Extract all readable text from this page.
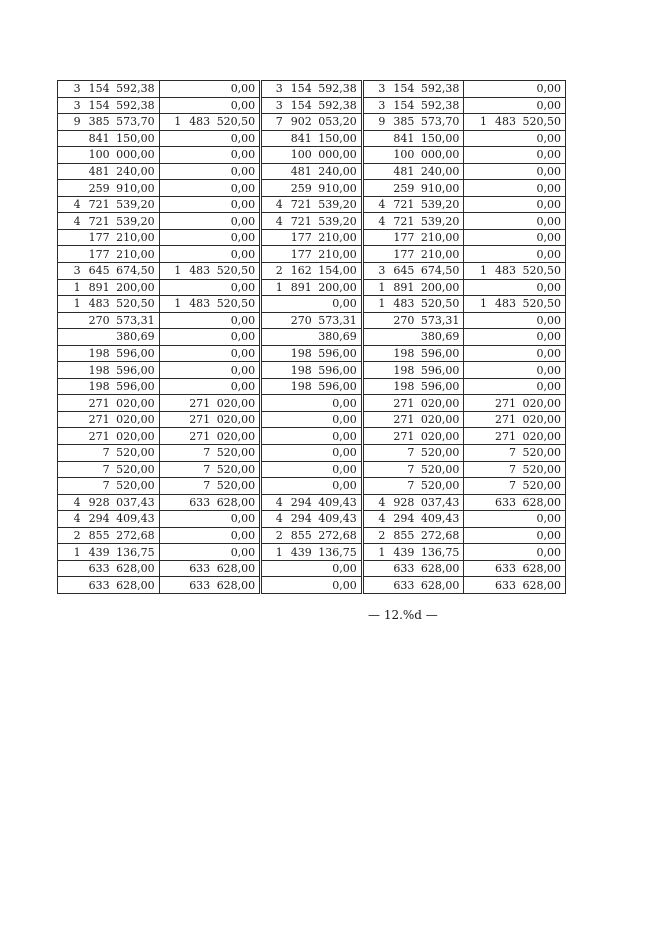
3 154 592,38	0,00	3 154 592,38	3 154 592,38	0,00

3 154 592,38	0,00	3 154 592,38	3 154 592,38	0,00

9 385 573,70	1 483 520,50	7 902 053,20	9 385 573,70	1 483 520,50

841 150,00	0,00	841 150,00	841 150,00	0,00

100 000,00	0,00	100 000,00	100 000,00	0,00

481 240,00	0,00	481 240,00	481 240,00	0,00

259 910,00	0,00	259 910,00	259 910,00	0,00

4 721 539,20	0,00	4 721 539,20	4 721 539,20	0,00

4 721 539,20	0,00	4 721 539,20	4 721 539,20	0,00

177 210,00	0,00	177 210,00	177 210,00	0,00

177 210,00	0,00	177 210,00	177 210,00	0,00

3 645 674,50	1 483 520,50	2 162 154,00	3 645 674,50	1 483 520,50

1 891 200,00	0,00	1 891 200,00	1 891 200,00	0,00

1 483 520,50	1 483 520,50	0,00	1 483 520,50	1 483 520,50

270 573,31	0,00	270 573,31	270 573,31	0,00

380,69	0,00	380,69	380,69	0,00

198 596,00	0,00	198 596,00	198 596,00	0,00

198 596,00	0,00	198 596,00	198 596,00	0,00

198 596,00	0,00	198 596,00	198 596,00	0,00

271 020,00	271 020,00	0,00	271 020,00	271 020,00

271 020,00	271 020,00	0,00	271 020,00	271 020,00

271 020,00	271 020,00	0,00	271 020,00	271 020,00

7 520,00	7 520,00	0,00	7 520,00	7 520,00

7 520,00	7 520,00	0,00	7 520,00	7 520,00

7 520,00	7 520,00	0,00	7 520,00	7 520,00

4 928 037,43	633 628,00	4 294 409,43	4 928 037,43	633 628,00

4 294 409,43	0,00	4 294 409,43	4 294 409,43	0,00

2 855 272,68	0,00	2 855 272,68	2 855 272,68	0,00

1 439 136,75	0,00	1 439 136,75	1 439 136,75	0,00

633 628,00	633 628,00	0,00	633 628,00	633 628,00

633 628,00	633 628,00	0,00	633 628,00	633 628,00
— 12.%d —
